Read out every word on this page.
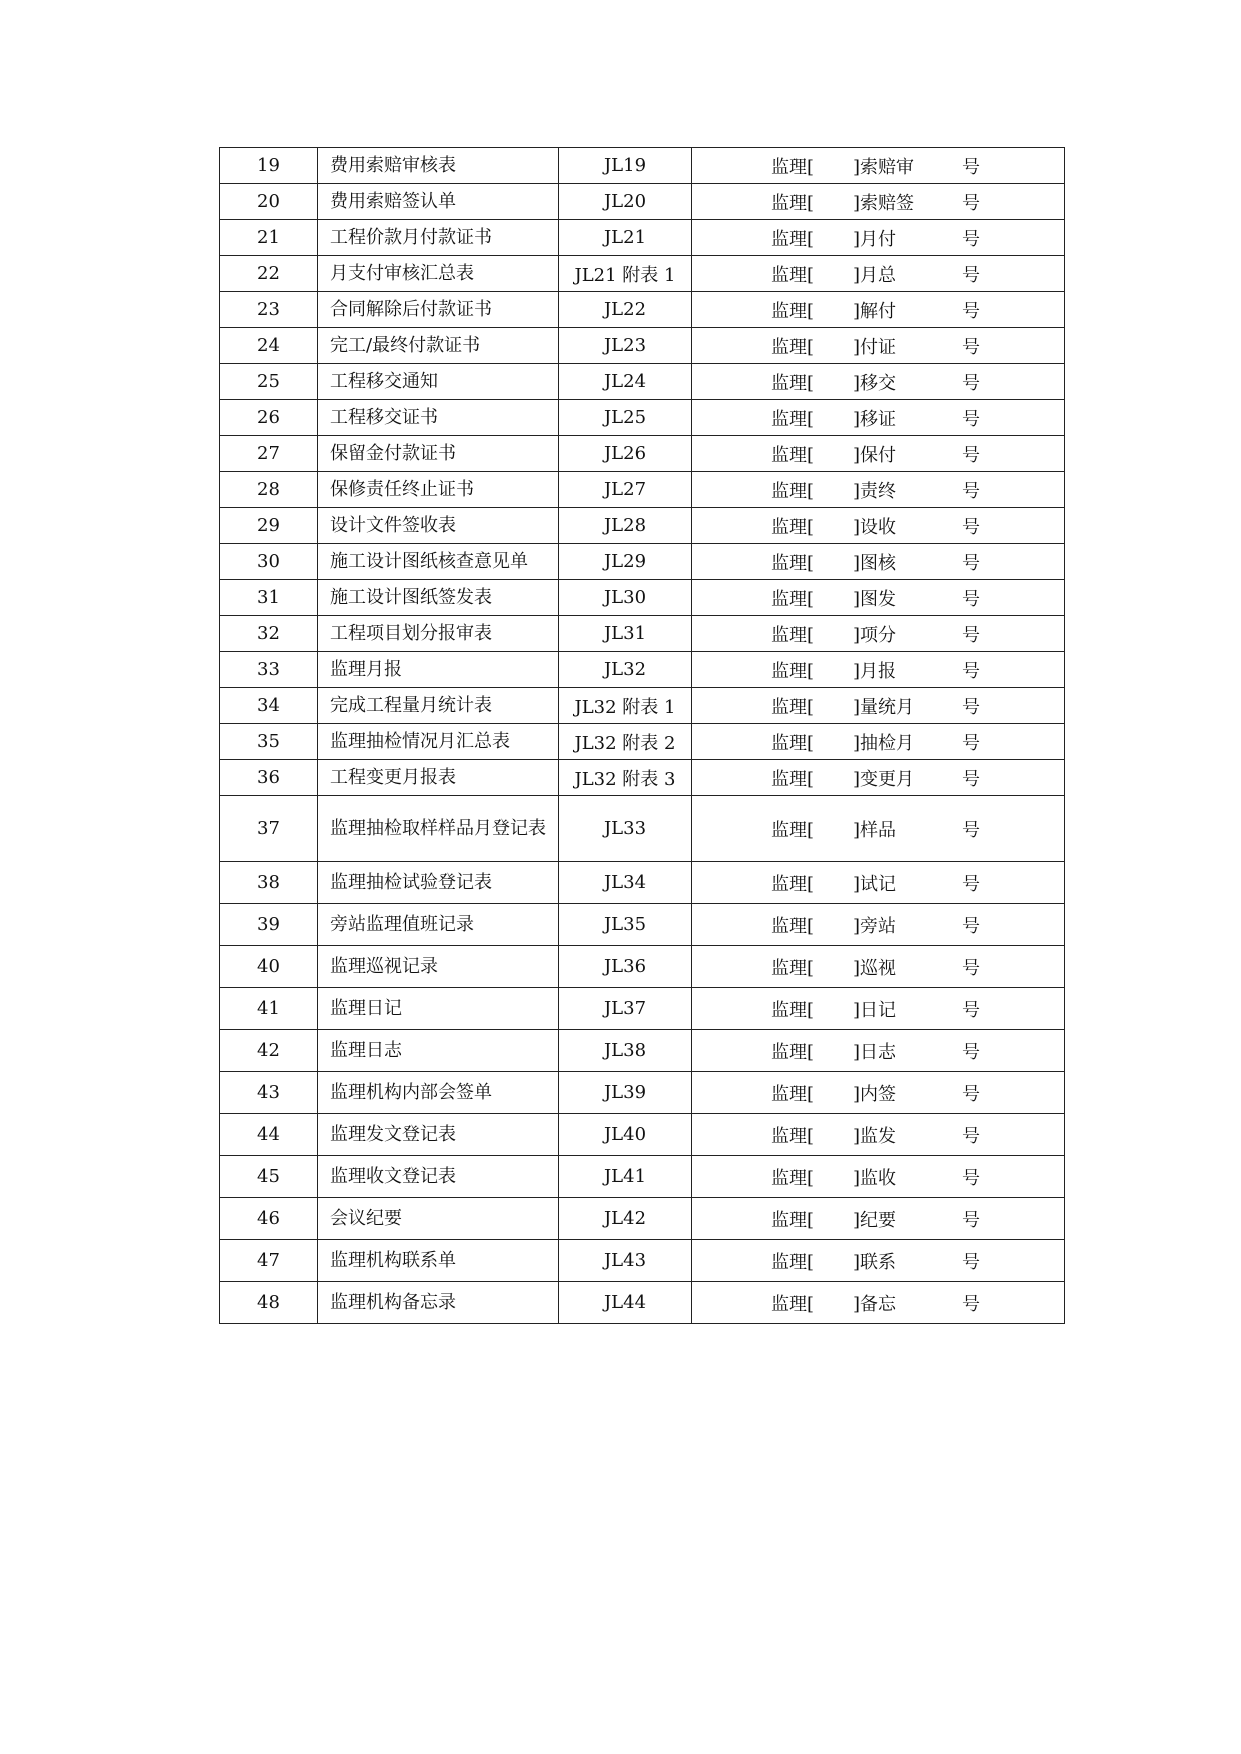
19	费用索赔审核表	JL19	监理[ ]索赔审 号

20	费用索赔签认单	JL20	监理[ ]索赔签 号

21	工程价款月付款证书	JL21	监理[ ]月付 号

22	月支付审核汇总表	JL21 附表 1	监理[ ]月总 号

23	合同解除后付款证书	JL22	监理[ ]解付 号

24	完工/最终付款证书	JL23	监理[ ]付证 号

25	工程移交通知	JL24	监理[ ]移交 号

26	工程移交证书	JL25	监理[ ]移证 号

27	保留金付款证书	JL26	监理[ ]保付 号

28	保修责任终止证书	JL27	监理[ ]责终 号

29	设计文件签收表	JL28	监理[ ]设收 号

30	施工设计图纸核查意见单	JL29	监理[ ]图核 号

31	施工设计图纸签发表	JL30	监理[ ]图发 号

32	工程项目划分报审表	JL31	监理[ ]项分 号

33	监理月报	JL32	监理[ ]月报 号

34	完成工程量月统计表	JL32 附表 1	监理[ ]量统月 号

35	监理抽检情况月汇总表	JL32 附表 2	监理[ ]抽检月 号

36	工程变更月报表	JL32 附表 3	监理[ ]变更月 号

37	监理抽检取样样品月登记表	JL33	监理[ ]样品 号

38	监理抽检试验登记表	JL34	监理[ ]试记 号

39	旁站监理值班记录	JL35	监理[ ]旁站 号

40	监理巡视记录	JL36	监理[ ]巡视 号

41	监理日记	JL37	监理[ ]日记 号

42	监理日志	JL38	监理[ ]日志 号

43	监理机构内部会签单	JL39	监理[ ]内签 号

44	监理发文登记表	JL40	监理[ ]监发 号

45	监理收文登记表	JL41	监理[ ]监收 号

46	会议纪要	JL42	监理[ ]纪要 号

47	监理机构联系单	JL43	监理[ ]联系 号

48	监理机构备忘录	JL44	监理[ ]备忘 号
